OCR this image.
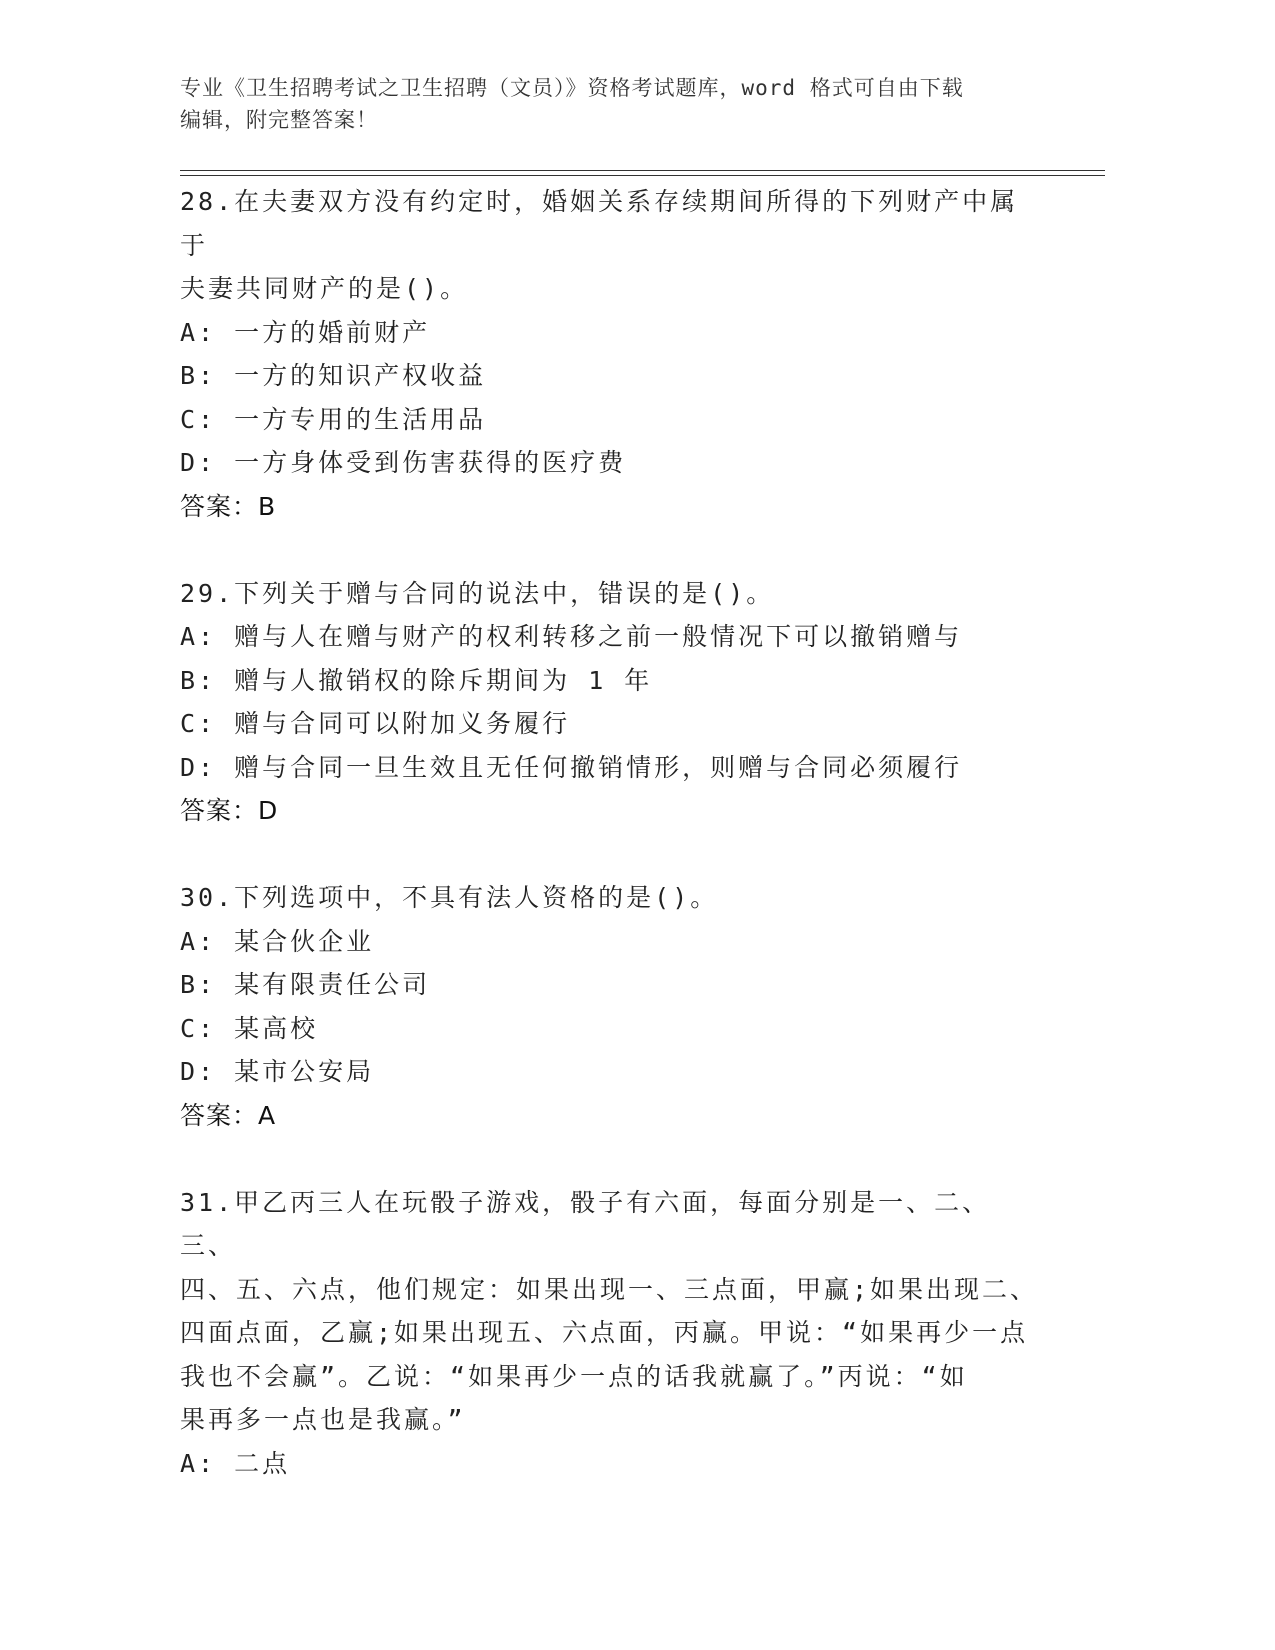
专业《卫生招聘考试之卫生招聘（文员）》资格考试题库，word 格式可自由下载
编辑，附完整答案！

28.在夫妻双方没有约定时，婚姻关系存续期间所得的下列财产中属于

夫妻共同财产的是()。

A: 一方的婚前财产

B: 一方的知识产权收益

C: 一方专用的生活用品

D: 一方身体受到伤害获得的医疗费

答案：B

29.下列关于赠与合同的说法中，错误的是()。

A: 赠与人在赠与财产的权利转移之前一般情况下可以撤销赠与

B: 赠与人撤销权的除斥期间为 1 年

C: 赠与合同可以附加义务履行

D: 赠与合同一旦生效且无任何撤销情形，则赠与合同必须履行

答案：D

30.下列选项中，不具有法人资格的是()。

A: 某合伙企业

B: 某有限责任公司

C: 某高校

D: 某市公安局

答案：A

31.甲乙丙三人在玩骰子游戏，骰子有六面，每面分别是一、二、三、

四、五、六点，他们规定：如果出现一、三点面，甲赢;如果出现二、

四面点面，乙赢;如果出现五、六点面，丙赢。甲说：“如果再少一点

我也不会赢”。乙说：“如果再少一点的话我就赢了。”丙说：“如

果再多一点也是我赢。”

A: 二点
